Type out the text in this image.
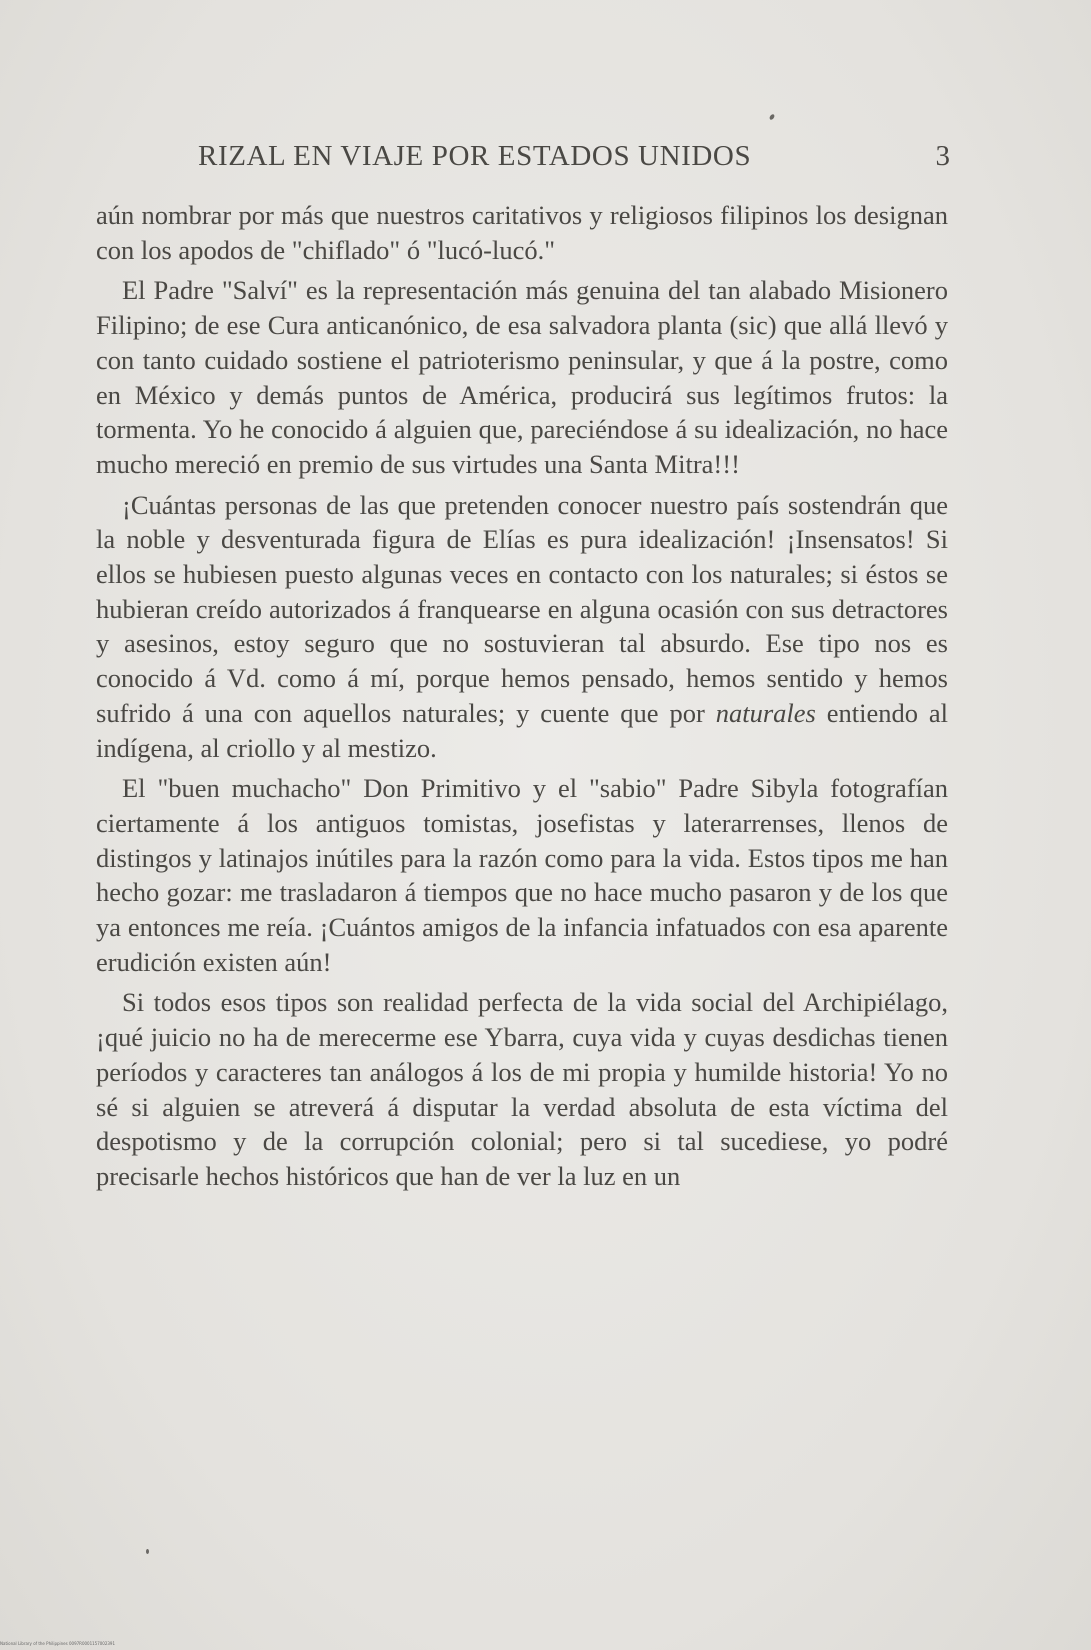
RIZAL EN VIAJE POR ESTADOS UNIDOS	3

aún nombrar por más que nuestros caritativos y religiosos filipinos los designan con los apodos de "chiflado" ó "lucó-lucó."

El Padre "Salví" es la representación más genuina del tan alabado Misionero Filipino; de ese Cura anticanónico, de esa salvadora planta (sic) que allá llevó y con tanto cuidado sostiene el patrioterismo peninsular, y que á la postre, como en México y demás puntos de América, producirá sus legítimos frutos: la tormenta. Yo he conocido á alguien que, pareciéndose á su idealización, no hace mucho mereció en premio de sus virtudes una Santa Mitra!!!

¡Cuántas personas de las que pretenden conocer nuestro país sostendrán que la noble y desventurada figura de Elías es pura idealización! ¡Insensatos! Si ellos se hubiesen puesto algunas veces en contacto con los naturales; si éstos se hubieran creído autorizados á franquearse en alguna ocasión con sus detractores y asesinos, estoy seguro que no sostuvieran tal absurdo. Ese tipo nos es conocido á Vd. como á mí, porque hemos pensado, hemos sentido y hemos sufrido á una con aquellos naturales; y cuente que por naturales entiendo al indígena, al criollo y al mestizo.

El "buen muchacho" Don Primitivo y el "sabio" Padre Sibyla fotografían ciertamente á los antiguos tomistas, josefistas y laterarrenses, llenos de distingos y latinajos inútiles para la razón como para la vida. Estos tipos me han hecho gozar: me trasladaron á tiempos que no hace mucho pasaron y de los que ya entonces me reía. ¡Cuántos amigos de la infancia infatuados con esa aparente erudición existen aún!

Si todos esos tipos son realidad perfecta de la vida social del Archipiélago, ¡qué juicio no ha de merecerme ese Ybarra, cuya vida y cuyas desdichas tienen períodos y caracteres tan análogos á los de mi propia y humilde historia! Yo no sé si alguien se atreverá á disputar la verdad absoluta de esta víctima del despotismo y de la corrupción colonial; pero si tal sucediese, yo podré precisarle hechos históricos que han de ver la luz en un

National Library of the Philippines 0097R0001157002391
